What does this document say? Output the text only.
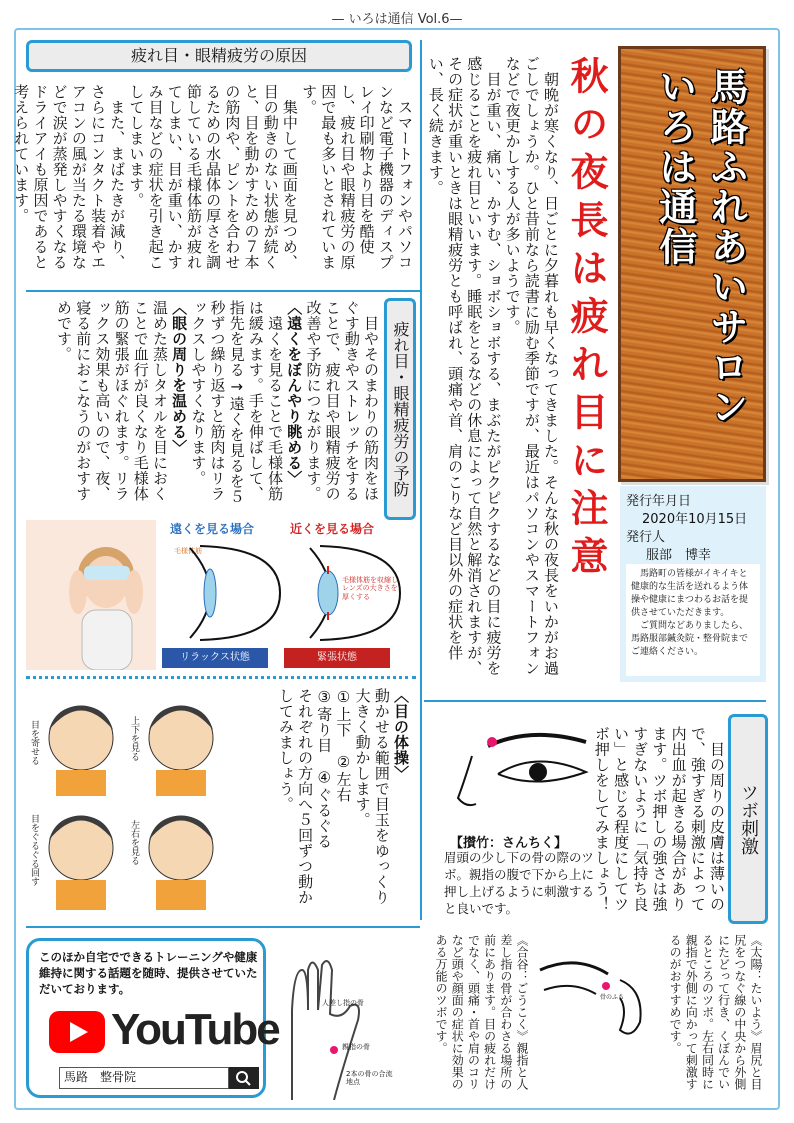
— いろは通信 Vol.6—
馬路ふれあいサロン
いろは通信
秋の夜長は疲れ目に注意

　朝晩が寒くなり、日ごとに夕暮れも早くなってきました。そんな秋の夜長をいかがお過ごしでしょうか。ひと昔前なら読書に励む季節ですが、最近はパソコンやスマートフォンなどで夜更かしする人が多いようです。

　目が重い、痛い、かすむ、ショボショボする、まぶたがピクピクするなどの目に疲労を感じることを疲れ目といいます。睡眠をとるなどの休息によって自然と解消されますが、その症状が重いときは眼精疲労とも呼ばれ、頭痛や首、肩のこりなど目以外の症状を伴い、長く続きます。

発行年月日
2020年10月15日
発行人
服部　博幸
　馬路町の皆様がイキイキと健康的な生活を送れるよう体操や健康にまつわるお話を提供させていただきます。
　ご質問などありましたら、馬路服部鍼灸院・整骨院までご連絡ください。
疲れ目・眼精疲労の原因

　スマートフォンやパソコンなど電子機器のディスプレイ印刷物より目を酷使し、疲れ目や眼精疲労の原因で最も多いとされています。

　集中して画面を見つめ、目の動きのない状態が続くと、目を動かすための７本の筋肉や、ピントを合わせるための水晶体の厚さを調節している毛様体筋が疲れてしまい、目が重い、かすみ目などの症状を引き起こしてしまいます。

　また、まばたきが減り、さらにコンタクト装着やエアコンの風が当たる環境などで涙が蒸発しやすくなるドライアイも原因であると考えられています。

疲れ目・眼精疲労の予防

　目やそのまわりの筋肉をほぐす動きやストレッチをすることで、疲れ目や眼精疲労の改善や予防につながります。

〈遠くをぼんやり眺める〉

　遠くを見ることで毛様体筋は緩みます。手を伸ばして、指先を見る→遠くを見るを５秒ずつ繰り返すと筋肉はリラックスしやすくなります。

〈眼の周りを温める〉

温めた蒸しタオルを目におくことで血行が良くなり毛様体筋の緊張がほぐれます。リラックス効果も高いので、夜、寝る前におこなうのがおすすめです。

遠くを見る場合	近くを見る場合
毛様体筋
毛様体筋を収縮しレンズの大きさを厚くする
リラックス状態	緊張状態
目を寄せる	上下を見る
目をぐるぐる回す	左右を見る

〈目の体操〉

動かせる範囲で目玉をゆっくり大きく動かします。

①上下　②左右

③寄り目　④ぐるぐる

それぞれの方向へ５回ずつ動かしてみましょう。

ツボ刺激
　目の周りの皮膚は薄いので、強すぎる刺激によって内出血が起きる場合があります。ツボ押しの強さは強すぎないように「気持ち良い」と感じる程度にしてツボ押しをしてみましょう！
【攅竹：さんちく】
眉頭の少し下の骨の際のツボ。親指の腹で下から上に押し上げるように刺激すると良いです。
《太陽：たいよう》眉尻と目尻をつなぐ線の中央から外側にたどって行き、くぼんでいるところのツボ。左右同時に親指で外側に向かって刺激するのがおすすめです。
骨のふち
《合谷：ごうこく》親指と人差し指の骨が合わさる場所の前にあります。目の疲れだけでなく、頭痛・首や肩のコリなど頭や顔面の症状に効果のある万能のツボです。
人差し指の骨
親指の骨
2本の骨の合流地点
このほか自宅でできるトレーニングや健康維持に関する話題を随時、提供させていただいております。
YouTube
馬路　整骨院
